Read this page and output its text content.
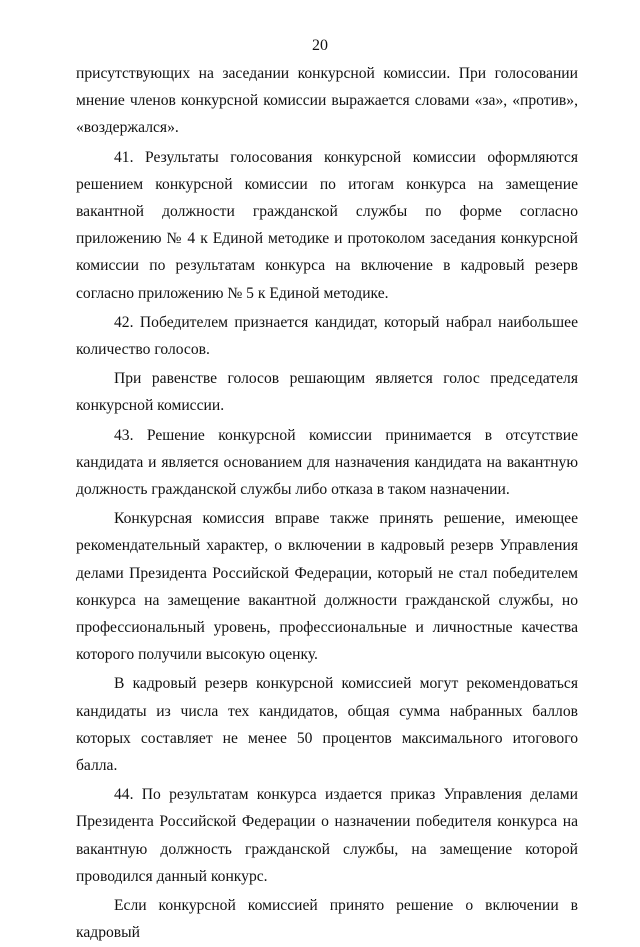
20

присутствующих на заседании конкурсной комиссии. При голосовании мнение членов конкурсной комиссии выражается словами «за», «против», «воздержался».

41. Результаты голосования конкурсной комиссии оформляются решением конкурсной комиссии по итогам конкурса на замещение вакантной должности гражданской службы по форме согласно приложению № 4 к Единой методике и протоколом заседания конкурсной комиссии по результатам конкурса на включение в кадровый резерв согласно приложению № 5 к Единой методике.

42. Победителем признается кандидат, который набрал наибольшее количество голосов.

При равенстве голосов решающим является голос председателя конкурсной комиссии.

43. Решение конкурсной комиссии принимается в отсутствие кандидата и является основанием для назначения кандидата на вакантную должность гражданской службы либо отказа в таком назначении.

Конкурсная комиссия вправе также принять решение, имеющее рекомендательный характер, о включении в кадровый резерв Управления делами Президента Российской Федерации, который не стал победителем конкурса на замещение вакантной должности гражданской службы, но профессиональный уровень, профессиональные и личностные качества которого получили высокую оценку.

В кадровый резерв конкурсной комиссией могут рекомендоваться кандидаты из числа тех кандидатов, общая сумма набранных баллов которых составляет не менее 50 процентов максимального итогового балла.

44. По результатам конкурса издается приказ Управления делами Президента Российской Федерации о назначении победителя конкурса на вакантную должность гражданской службы, на замещение которой проводился данный конкурс.

Если конкурсной комиссией принято решение о включении в кадровый
